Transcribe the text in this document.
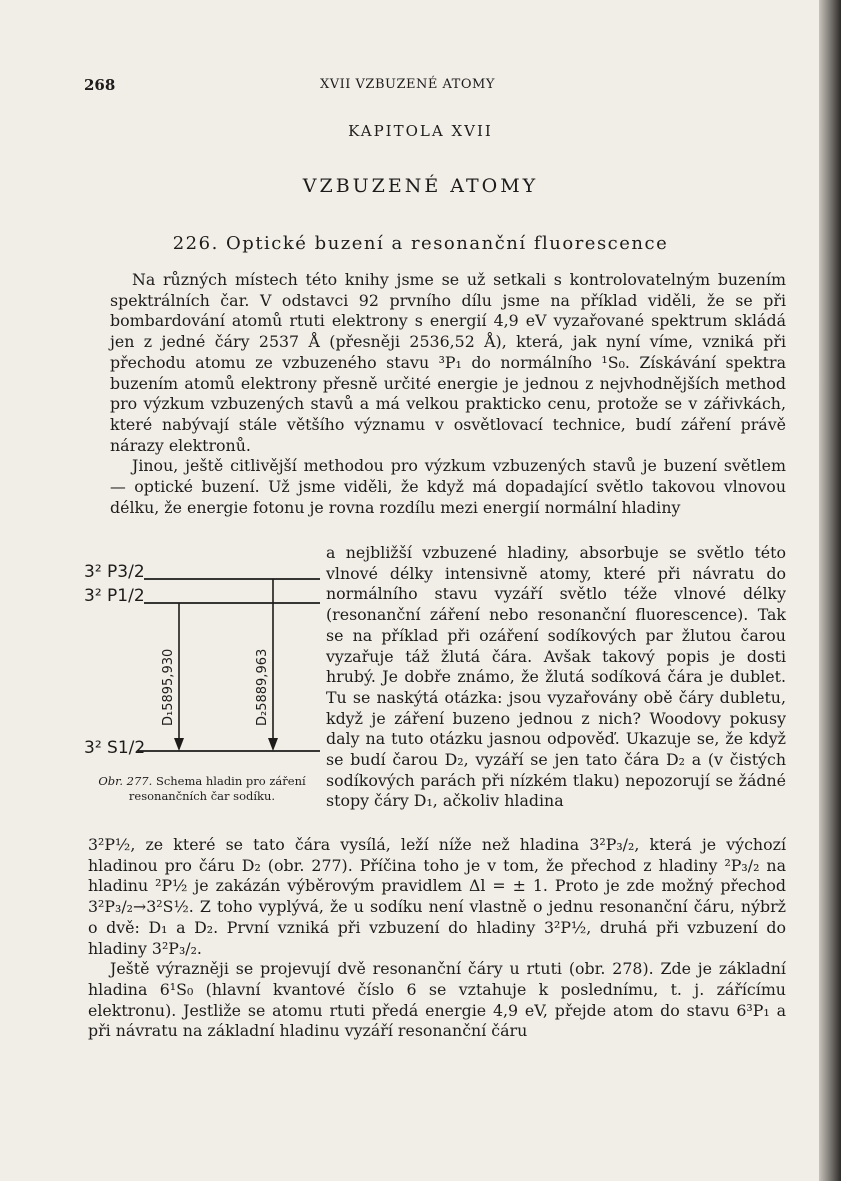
268	XVII VZBUZENÉ ATOMY
KAPITOLA XVII
VZBUZENÉ ATOMY
226. Optické buzení a resonanční fluorescence

Na různých místech této knihy jsme se už setkali s kontrolovatelným buzením spektrálních čar. V odstavci 92 prvního dílu jsme na příklad viděli, že se při bombardování atomů rtuti elektrony s energií 4,9 eV vyzařované spektrum skládá jen z jedné čáry 2537 Å (přesněji 2536,52 Å), která, jak nyní víme, vzniká při přechodu atomu ze vzbuzeného stavu ³P₁ do normálního ¹S₀. Získávání spektra buzením atomů elektrony přesně určité energie je jednou z nejvhodnějších method pro výzkum vzbuzených stavů a má velkou prakticko cenu, protože se v zářivkách, které nabývají stále většího významu v osvětlovací technice, budí záření právě nárazy elektronů.

Jinou, ještě citlivější methodou pro výzkum vzbuzených stavů je buzení světlem — optické buzení. Už jsme viděli, že když má dopadající světlo takovou vlnovou délku, že energie fotonu je rovna rozdílu mezi energií normální hladiny

3² P3/2
3² P1/2
3² S1/2
D₁5895,930	D₂5889,963
Obr. 277. Schema hladin pro záření resonančních čar sodíku.

a nejbližší vzbuzené hladiny, absorbuje se světlo této vlnové délky intensivně atomy, které při návratu do normálního stavu vyzáří světlo téže vlnové délky (resonanční záření nebo resonanční fluorescence). Tak se na příklad při ozáření sodíkových par žlutou čarou vyzařuje táž žlutá čára. Avšak takový popis je dosti hrubý. Je dobře známo, že žlutá sodíková čára je dublet. Tu se naskýtá otázka: jsou vyzařovány obě čáry dubletu, když je záření buzeno jednou z nich? Woodovy pokusy daly na tuto otázku jasnou odpověď. Ukazuje se, že když se budí čarou D₂, vyzáří se jen tato čára D₂ a (v čistých sodíkových parách při nízkém tlaku) nepozorují se žádné stopy čáry D₁, ačkoliv hladina

3²P½, ze které se tato čára vysílá, leží níže než hladina 3²P₃/₂, která je výchozí hladinou pro čáru D₂ (obr. 277). Příčina toho je v tom, že přechod z hladiny ²P₃/₂ na hladinu ²P½ je zakázán výběrovým pravidlem Δl = ± 1. Proto je zde možný přechod 3²P₃/₂→3²S½. Z toho vyplývá, že u sodíku není vlastně o jednu resonanční čáru, nýbrž o dvě: D₁ a D₂. První vzniká při vzbuzení do hladiny 3²P½, druhá při vzbuzení do hladiny 3²P₃/₂.

Ještě výrazněji se projevují dvě resonanční čáry u rtuti (obr. 278). Zde je základní hladina 6¹S₀ (hlavní kvantové číslo 6 se vztahuje k poslednímu, t. j. zářícímu elektronu). Jestliže se atomu rtuti předá energie 4,9 eV, přejde atom do stavu 6³P₁ a při návratu na základní hladinu vyzáří resonanční čáru
